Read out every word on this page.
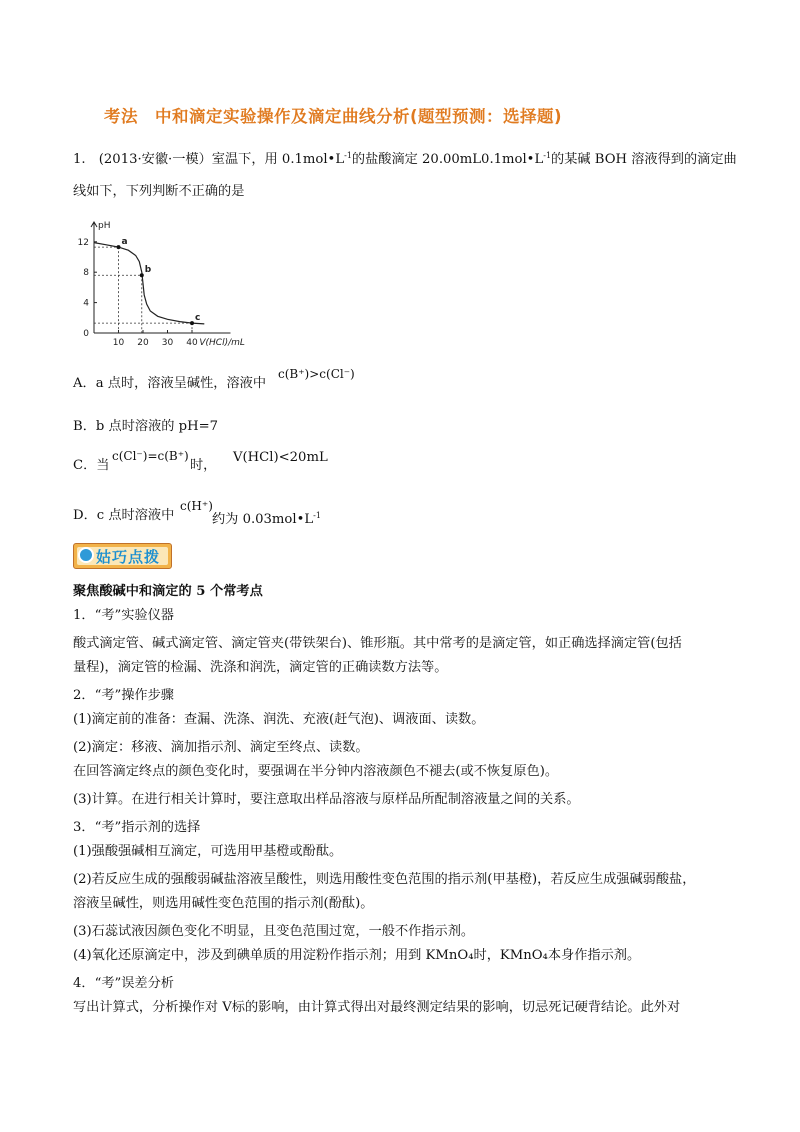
考法　中和滴定实验操作及滴定曲线分析(题型预测：选择题)
1.　(2013·安徽·一模）室温下，用 $0.1mol•L^{-1}$的盐酸滴定 $20.00mL0.1mol•L^{-1}$的某碱 BOH 溶液得到的滴定曲
线如下，下列判断不正确的是
pH
V(HCl)/mL
10 20 30 40
0
4
8
12	a
b
c
A．a 点时，溶液呈碱性，溶液中
c(B⁺)>c(Cl⁻)
B．b 点时溶液的 pH=7
C．当
c(Cl⁻)=c(B⁺)
时，
V(HCl)<20mL
D．c 点时溶液中
c(H⁺)
约为 $0.03mol•L^{-1}$
姑巧点拨
聚焦酸碱中和滴定的 5 个常考点
1．“考”实验仪器
酸式滴定管、碱式滴定管、滴定管夹(带铁架台)、锥形瓶。其中常考的是滴定管，如正确选择滴定管(包括
量程)，滴定管的检漏、洗涤和润洗，滴定管的正确读数方法等。
2．“考”操作步骤
(1)滴定前的准备：查漏、洗涤、润洗、充液(赶气泡)、调液面、读数。
(2)滴定：移液、滴加指示剂、滴定至终点、读数。
在回答滴定终点的颜色变化时，要强调在半分钟内溶液颜色不褪去(或不恢复原色)。
(3)计算。在进行相关计算时，要注意取出样品溶液与原样品所配制溶液量之间的关系。
3．“考”指示剂的选择
(1)强酸强碱相互滴定，可选用甲基橙或酚酞。
(2)若反应生成的强酸弱碱盐溶液呈酸性，则选用酸性变色范围的指示剂(甲基橙)，若反应生成强碱弱酸盐，
溶液呈碱性，则选用碱性变色范围的指示剂(酚酞)。
(3)石蕊试液因颜色变化不明显，且变色范围过宽，一般不作指示剂。
(4)氧化还原滴定中，涉及到碘单质的用淀粉作指示剂；用到 KMnO₄时，KMnO₄本身作指示剂。
4．“考”误差分析
写出计算式，分析操作对 V标的影响，由计算式得出对最终测定结果的影响，切忌死记硬背结论。此外对
